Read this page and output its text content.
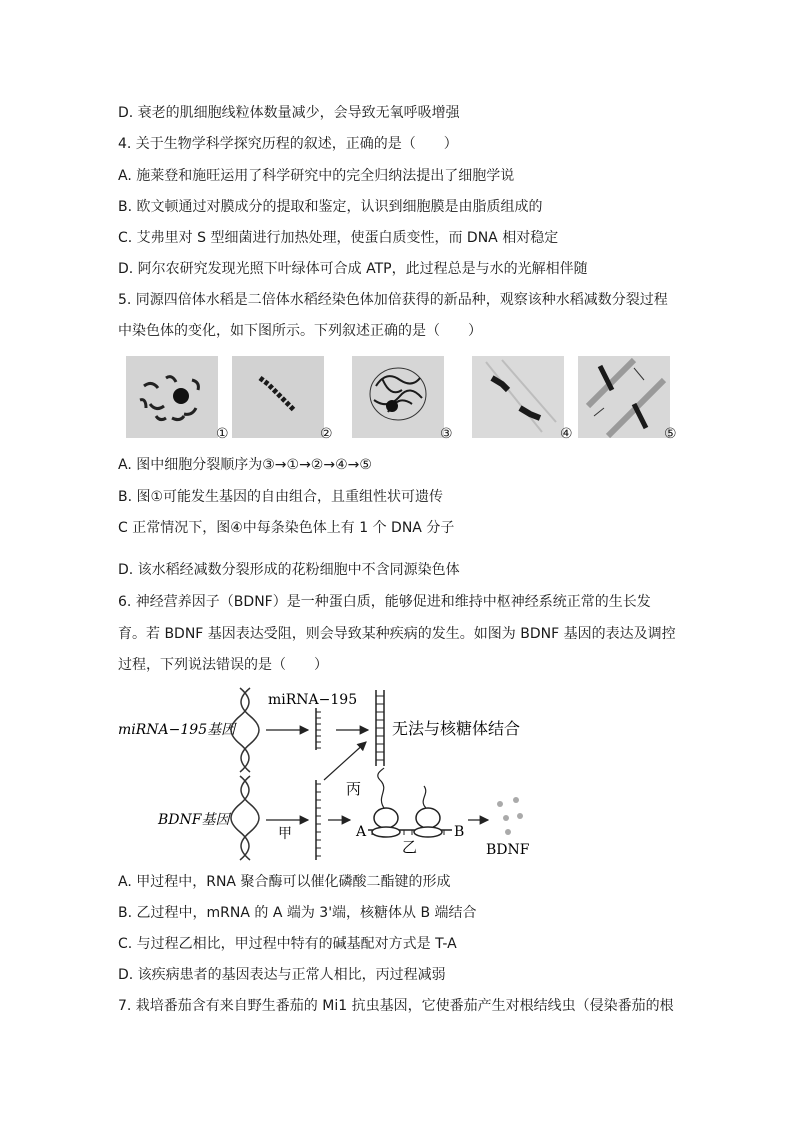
D. 衰老的肌细胞线粒体数量减少，会导致无氧呼吸增强
4. 关于生物学科学探究历程的叙述，正确的是（　　）
A. 施莱登和施旺运用了科学研究中的完全归纳法提出了细胞学说
B. 欧文顿通过对膜成分的提取和鉴定，认识到细胞膜是由脂质组成的
C. 艾弗里对 S 型细菌进行加热处理，使蛋白质变性，而 DNA 相对稳定
D. 阿尔农研究发现光照下叶绿体可合成 ATP，此过程总是与水的光解相伴随
5. 同源四倍体水稻是二倍体水稻经染色体加倍获得的新品种，观察该种水稻减数分裂过程
中染色体的变化，如下图所示。下列叙述正确的是（　　）
①	②	③	④	⑤
A. 图中细胞分裂顺序为③→①→②→④→⑤
B. 图①可能发生基因的自由组合，且重组性状可遗传
C 正常情况下，图④中每条染色体上有 1 个 DNA 分子
D. 该水稻经减数分裂形成的花粉细胞中不含同源染色体
6. 神经营养因子（BDNF）是一种蛋白质，能够促进和维持中枢神经系统正常的生长发
育。若 BDNF 基因表达受阻，则会导致某种疾病的发生。如图为 BDNF 基因的表达及调控
过程，下列说法错误的是（　　）
miRNA−195基因
miRNA−195
无法与核糖体结合
丙
BDNF基因
甲	A	B
乙	BDNF
A. 甲过程中，RNA 聚合酶可以催化磷酸二酯键的形成
B. 乙过程中，mRNA 的 A 端为 3'端，核糖体从 B 端结合
C. 与过程乙相比，甲过程中特有的碱基配对方式是 T-A
D. 该疾病患者的基因表达与正常人相比，丙过程减弱
7. 栽培番茄含有来自野生番茄的 Mi1 抗虫基因，它使番茄产生对根结线虫（侵染番茄的根
